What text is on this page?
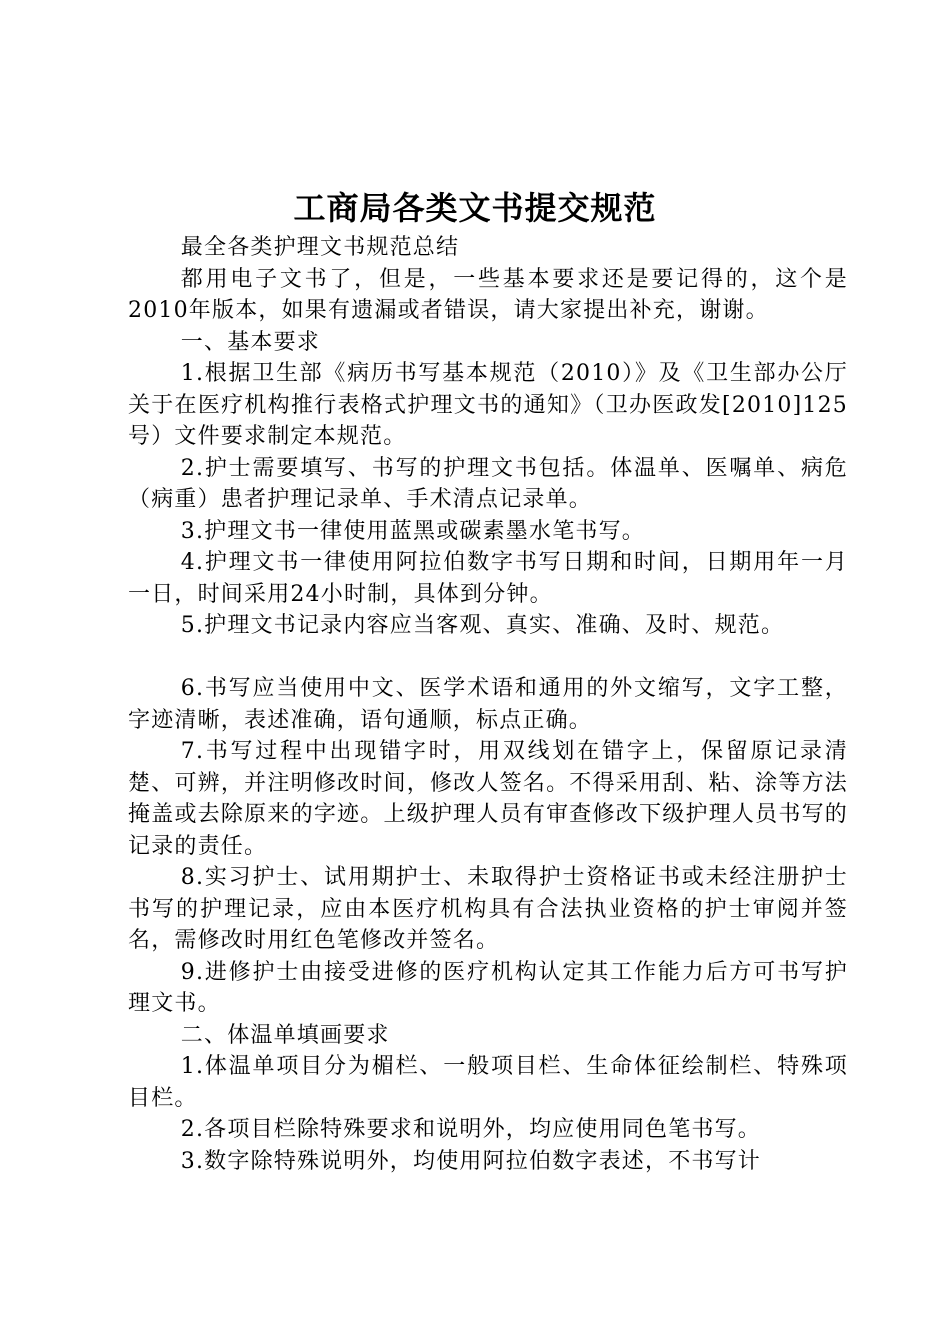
工商局各类文书提交规范

最全各类护理文书规范总结

都用电子文书了，但是，一些基本要求还是要记得的，这个是2010年版本，如果有遗漏或者错误，请大家提出补充，谢谢。

一、基本要求

1.根据卫生部《病历书写基本规范（2010）》及《卫生部办公厅关于在医疗机构推行表格式护理文书的通知》（卫办医政发[2010]125号）文件要求制定本规范。

2.护士需要填写、书写的护理文书包括。体温单、医嘱单、病危（病重）患者护理记录单、手术清点记录单。

3.护理文书一律使用蓝黑或碳素墨水笔书写。

4.护理文书一律使用阿拉伯数字书写日期和时间，日期用年一月一日，时间采用24小时制，具体到分钟。

5.护理文书记录内容应当客观、真实、准确、及时、规范。

6.书写应当使用中文、医学术语和通用的外文缩写，文字工整，字迹清晰，表述准确，语句通顺，标点正确。

7.书写过程中出现错字时，用双线划在错字上，保留原记录清楚、可辨，并注明修改时间，修改人签名。不得采用刮、粘、涂等方法掩盖或去除原来的字迹。上级护理人员有审查修改下级护理人员书写的记录的责任。

8.实习护士、试用期护士、未取得护士资格证书或未经注册护士书写的护理记录，应由本医疗机构具有合法执业资格的护士审阅并签名，需修改时用红色笔修改并签名。

9.进修护士由接受进修的医疗机构认定其工作能力后方可书写护理文书。

二、体温单填画要求

1.体温单项目分为楣栏、一般项目栏、生命体征绘制栏、特殊项目栏。

2.各项目栏除特殊要求和说明外，均应使用同色笔书写。

3.数字除特殊说明外，均使用阿拉伯数字表述，不书写计
